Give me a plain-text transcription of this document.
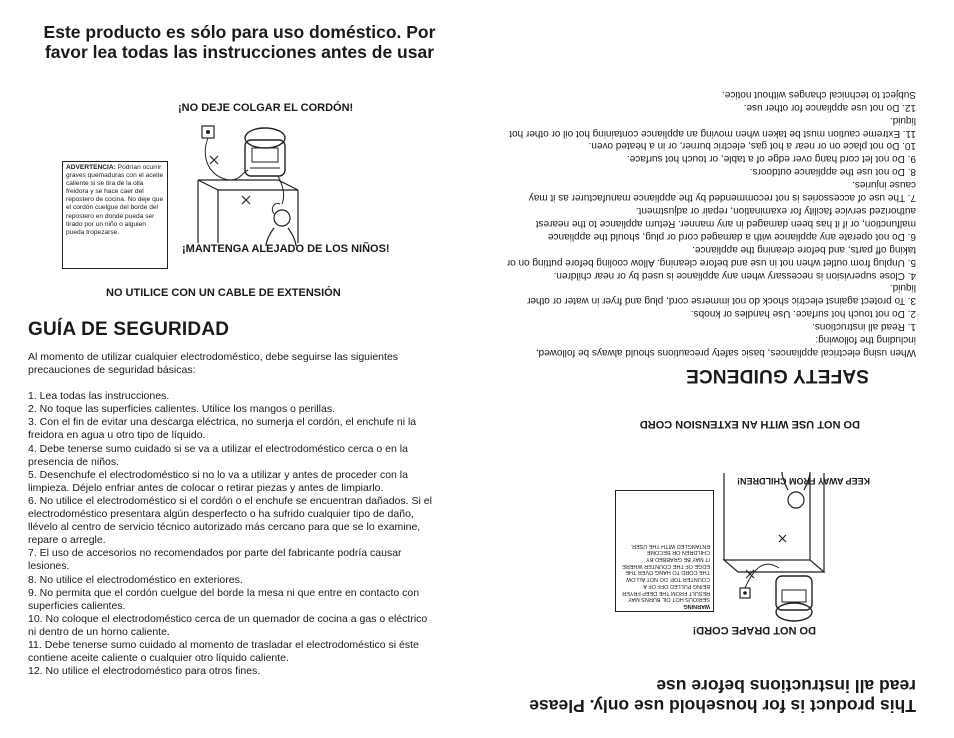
Este producto es sólo para uso doméstico. Por favor lea todas las instrucciones antes de usar
¡NO DEJE COLGAR EL CORDÓN!
ADVERTENCIA: Podrían ocurrir graves quemaduras con el aceite caliente si se tira de la olla freidora y se hace caer del repostero de cocina. No deje que el cordón cuelgue del borde del repostero en donde pueda ser tirado por un niño o alguien pueda tropezarse.
¡MANTENGA ALEJADO DE LOS NIÑOS!
NO UTILICE CON UN CABLE DE EXTENSIÓN
GUÍA DE SEGURIDAD

Al momento de utilizar cualquier electrodoméstico, debe seguirse las siguientes precauciones de seguridad básicas:

1. Lea todas las instrucciones.

2. No toque las superficies calientes. Utilice los mangos o perillas.

3. Con el fin de evitar una descarga eléctrica, no sumerja el cordón, el enchufe ni la freidora en agua u otro tipo de líquido.

4. Debe tenerse sumo cuidado si se va a utilizar el electrodoméstico cerca o en la presencia de niños.

5. Desenchufe el electrodoméstico si no lo va a utilizar y antes de proceder con la limpieza. Déjelo enfriar antes de colocar o retirar piezas y antes de limpiarlo.

6. No utilice el electrodoméstico si el cordón o el enchufe se encuentran dañados. Si el electrodoméstico presentara algún desperfecto o ha sufrido cualquier tipo de daño, llévelo al centro de servicio técnico autorizado más cercano para que se lo examine, repare o arregle.

7. El uso de accesorios no recomendados por parte del fabricante podría causar lesiones.

8. No utilice el electrodoméstico en exteriores.

9. No permita que el cordón cuelgue del borde la mesa ni que entre en contacto con superficies calientes.

10. No coloque el electrodoméstico cerca de un quemador de cocina a gas o eléctrico ni dentro de un horno caliente.

11. Debe tenerse sumo cuidado al momento de trasladar el electrodoméstico si éste contiene aceite caliente o cualquier otro líquido caliente.

12. No utilice el electrodoméstico para otros fines.

This product is for household use only. Please read all instructions before use
DO NOT DRAPE CORD!
WARNING
SERIOUS HOT OIL BURNS MAY RESULT FROM THE DEEP FRYER BEING PULLED OFF OF A COUNTER TOP. DO NOT ALLOW THE CORD TO HANG OVER THE EDGE OF THE COUNTER WHERE IT MAY BE GRABBED BY CHILDREN OR BECOME ENTANGLED WITH THE USER.
KEEP AWAY FROM CHILDREN!
DO NOT USE WITH AN EXTENSION CORD
SAFETY GUIDENCE

When using electrical appliances, basic safety precautions should always be followed, including the following:

1. Read all instructions.

2. Do not touch hot surface. Use handles or knobs.

3. To protect against electric shock do not immerse cord, plug and fryer in water or other liquid.

4. Close supervision is necessary when any appliance is used by or near children.

5. Unplug from outlet when not in use and before cleaning. Allow cooling before putting on or taking off parts, and before cleaning the appliance.

6. Do not operate any appliance with a damaged cord or plug, should the appliance malfunction, or if it has been damaged in any manner. Return appliance to the nearest authorized service facility for examination, repair or adjustment.

7. The use of accessories is not recommended by the appliance manufacturer as it may cause injuries.

8. Do not use the appliance outdoors.

9. Do not let cord hang over edge of a table, or touch hot surface.

10. Do not place on or near a hot gas, electric burner, or in a heated oven.

11. Extreme caution must be taken when moving an appliance containing hot oil or other hot liquid.

12. Do not use appliance for other use.

Subject to technical changes without notice.
